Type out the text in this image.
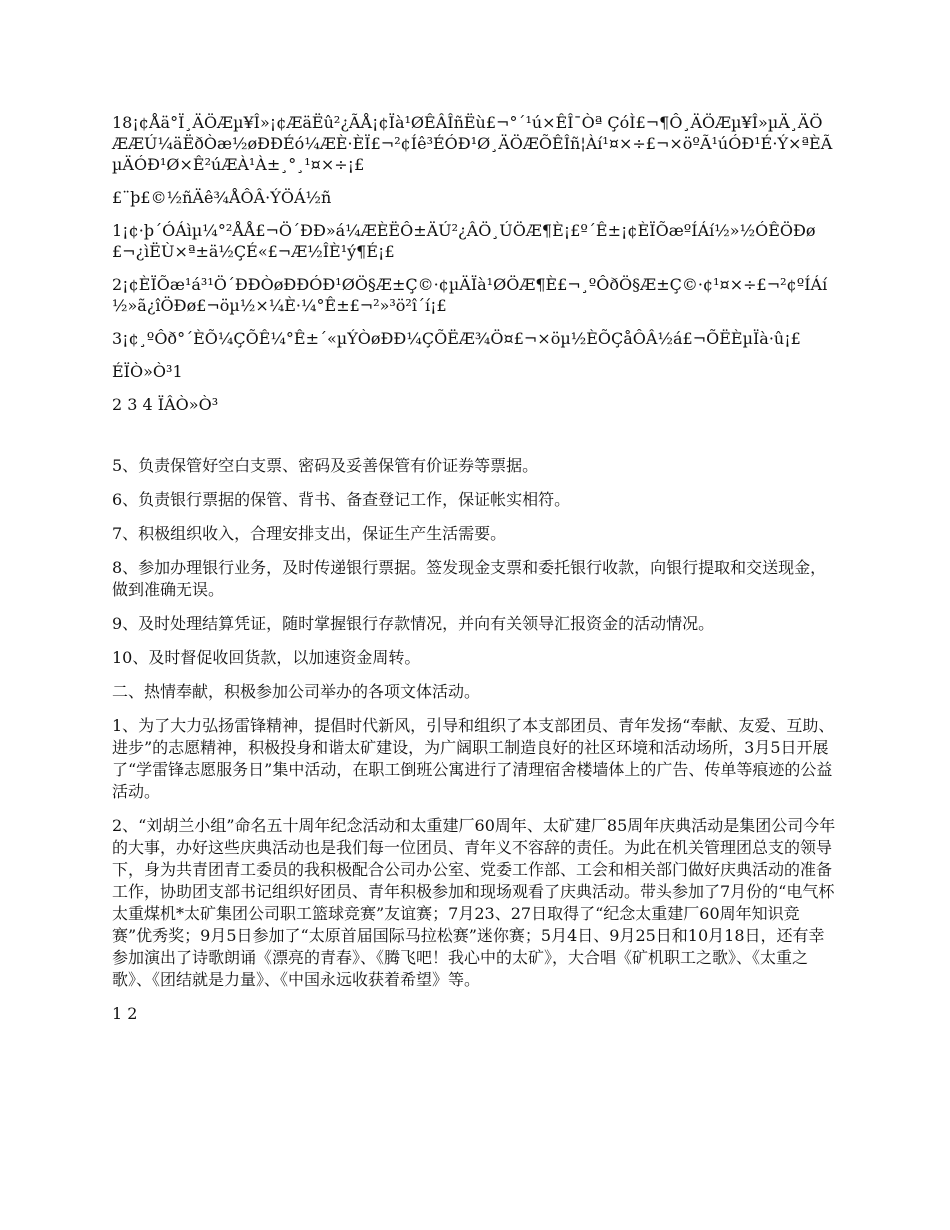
18¡¢Åä°Ï¸ÄÖÆµ¥Î»¡¢ÆäËû²¿ÃÅ¡¢Ïà¹ØÊÂÎñËù£¬°´¹ú×ÊÎ¯Òª ÇóÌ£¬¶Ô¸ÄÖÆµ¥Î»µÄ¸ÄÖÆÆÚ¼äËðÒæ½øÐÐÉó¼ÆÈ·ÈÏ£¬²¢Íê³ÉÓÐ¹Ø¸ÄÖÆÕÊÎñ¦Àí¹¤×÷£¬×öºÃ¹úÓÐ¹É·Ý×ªÈÃµÄÓÐ¹Ø×Ê²úÆÀ¹À±¸°¸¹¤×÷¡£

£¨þ£©½ñÄê¾ÅÔÂ·ÝÖÁ½ñ

1¡¢·þ´ÓÁìµ¼°²ÅÅ£¬Ö´ÐÐ»á¼ÆÈËÔ±ÄÚ²¿ÂÖ¸ÚÖÆ¶È¡£º´Ê±¡¢ÈÏÕæºÍÁí½»½ÓÊÖÐø£¬¿ìËÙ×ª±ä½ÇÉ«£¬Æ½ÎÈ¹ý¶É¡£

2¡¢ÈÏÕæ¹á³¹Ö´ÐÐÒøÐÐÓÐ¹ØÖ§Æ±Ç©·¢µÄÏà¹ØÖÆ¶È£¬¸ºÔðÖ§Æ±Ç©·¢¹¤×÷£¬²¢ºÍÁí½»ã¿îÖÐø£¬öµ½×¼È·¼°Ê±£¬²»³ö²î´í¡£

3¡¢¸ºÔð°´ÈÕ¼ÇÕÊ¼°Ê±´«µÝÒøÐÐ¼ÇÕËÆ¾Ö¤£¬×öµ½ÈÕÇåÔÂ½á£¬ÕËÈµÏà·û¡£

ÉÏÒ»Ò³1

2 3 4 ÏÂÒ»Ò³

5、负责保管好空白支票、密码及妥善保管有价证券等票据。

6、负责银行票据的保管、背书、备查登记工作，保证帐实相符。

7、积极组织收入，合理安排支出，保证生产生活需要。

8、参加办理银行业务，及时传递银行票据。签发现金支票和委托银行收款，向银行提取和交送现金，做到准确无误。

9、及时处理结算凭证，随时掌握银行存款情况，并向有关领导汇报资金的活动情况。

10、及时督促收回货款，以加速资金周转。

二、热情奉献，积极参加公司举办的各项文体活动。

1、为了大力弘扬雷锋精神，提倡时代新风，引导和组织了本支部团员、青年发扬“奉献、友爱、互助、进步”的志愿精神，积极投身和谐太矿建设，为广阔职工制造良好的社区环境和活动场所，3月5日开展了“学雷锋志愿服务日”集中活动，在职工倒班公寓进行了清理宿舍楼墙体上的广告、传单等痕迹的公益活动。

2、“刘胡兰小组”命名五十周年纪念活动和太重建厂60周年、太矿建厂85周年庆典活动是集团公司今年的大事，办好这些庆典活动也是我们每一位团员、青年义不容辞的责任。为此在机关管理团总支的领导下，身为共青团青工委员的我积极配合公司办公室、党委工作部、工会和相关部门做好庆典活动的准备工作，协助团支部书记组织好团员、青年积极参加和现场观看了庆典活动。带头参加了7月份的“电气杯太重煤机*太矿集团公司职工篮球竞赛”友谊赛；7月23、27日取得了“纪念太重建厂60周年知识竞赛”优秀奖；9月5日参加了“太原首届国际马拉松赛”迷你赛；5月4日、9月25日和10月18日，还有幸参加演出了诗歌朗诵《漂亮的青春》、《腾飞吧！我心中的太矿》，大合唱《矿机职工之歌》、《太重之歌》、《团结就是力量》、《中国永远收获着希望》等。

1 2
